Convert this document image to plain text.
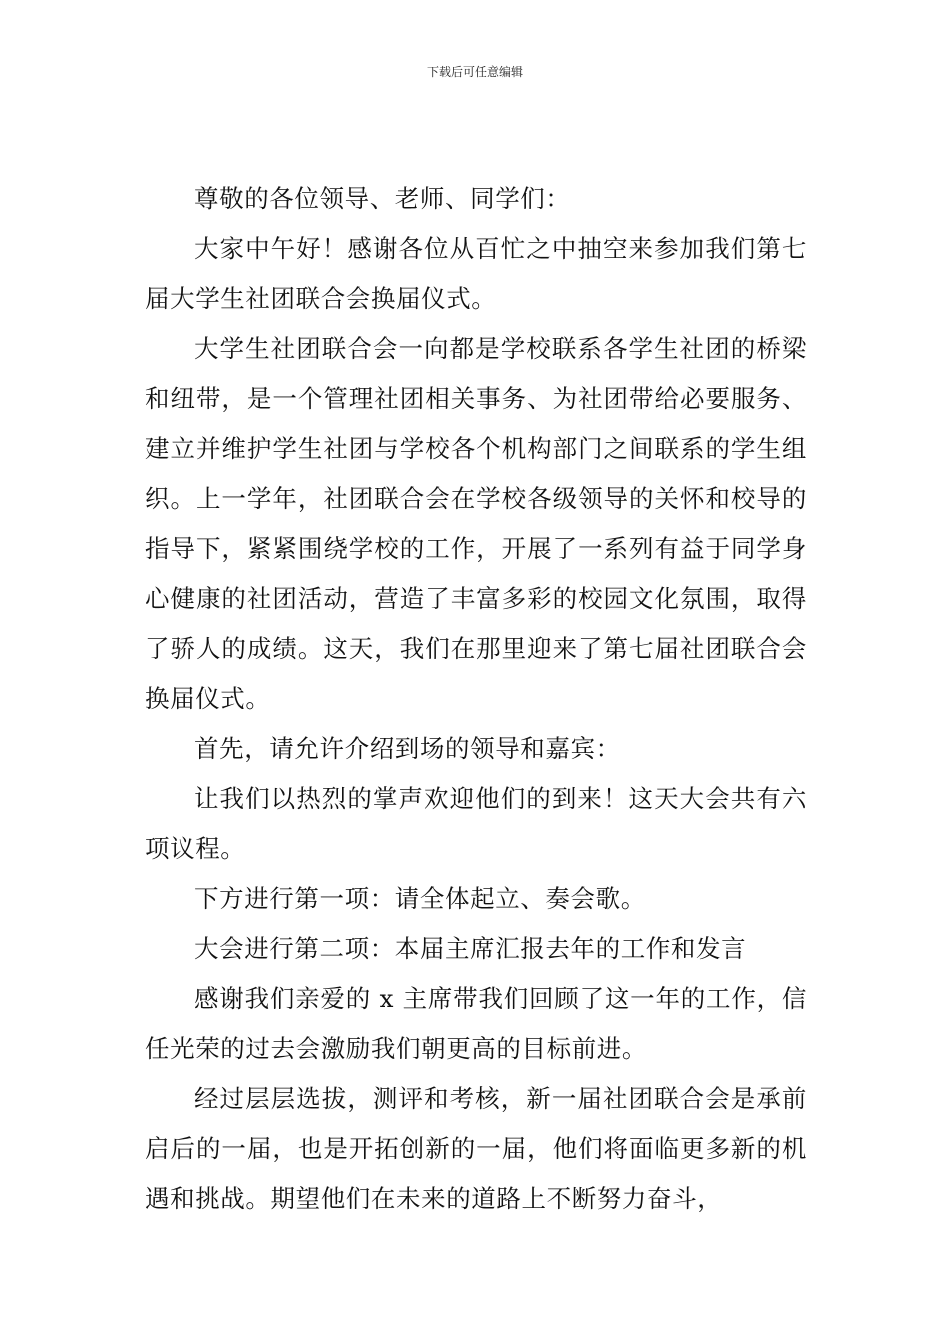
下载后可任意编辑

尊敬的各位领导、老师、同学们：

大家中午好！感谢各位从百忙之中抽空来参加我们第七届大学生社团联合会换届仪式。

大学生社团联合会一向都是学校联系各学生社团的桥梁和纽带，是一个管理社团相关事务、为社团带给必要服务、建立并维护学生社团与学校各个机构部门之间联系的学生组织。上一学年，社团联合会在学校各级领导的关怀和校导的指导下，紧紧围绕学校的工作，开展了一系列有益于同学身心健康的社团活动，营造了丰富多彩的校园文化氛围，取得了骄人的成绩。这天，我们在那里迎来了第七届社团联合会换届仪式。

首先，请允许介绍到场的领导和嘉宾：

让我们以热烈的掌声欢迎他们的到来！这天大会共有六项议程。

下方进行第一项：请全体起立、奏会歌。

大会进行第二项：本届主席汇报去年的工作和发言

感谢我们亲爱的 x 主席带我们回顾了这一年的工作，信任光荣的过去会激励我们朝更高的目标前进。

经过层层选拔，测评和考核，新一届社团联合会是承前启后的一届，也是开拓创新的一届，他们将面临更多新的机遇和挑战。期望他们在未来的道路上不断努力奋斗，
